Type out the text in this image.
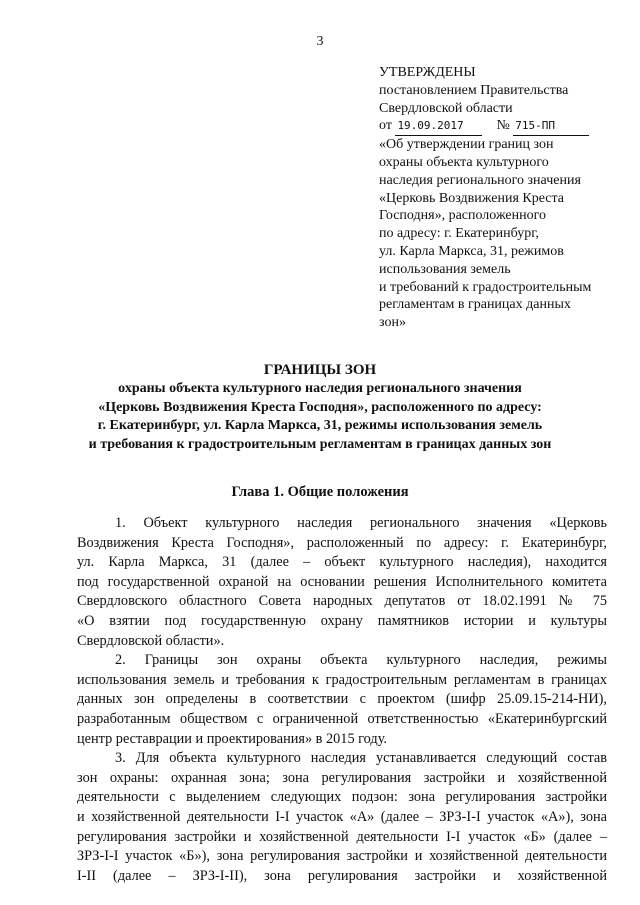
3
УТВЕРЖДЕНЫ
постановлением Правительства
Свердловской области
от 19.09.2017 № 715-ПП
«Об утверждении границ зон
охраны объекта культурного
наследия регионального значения
«Церковь Воздвижения Креста
Господня», расположенного
по адресу: г. Екатеринбург,
ул. Карла Маркса, 31, режимов
использования земель
и требований к градостроительным
регламентам в границах данных
зон»
ГРАНИЦЫ ЗОН
охраны объекта культурного наследия регионального значения
«Церковь Воздвижения Креста Господня», расположенного по адресу:
г. Екатеринбург, ул. Карла Маркса, 31, режимы использования земель
и требования к градостроительным регламентам в границах данных зон
Глава 1. Общие положения
1. Объект культурного наследия регионального значения «Церковь
Воздвижения Креста Господня», расположенный по адресу: г. Екатеринбург,
ул. Карла Маркса, 31 (далее – объект культурного наследия), находится
под государственной охраной на основании решения Исполнительного комитета
Свердловского областного Совета народных депутатов от 18.02.1991 № 75
«О взятии под государственную охрану памятников истории и культуры
Свердловской области».
2. Границы зон охраны объекта культурного наследия, режимы
использования земель и требования к градостроительным регламентам в границах
данных зон определены в соответствии с проектом (шифр 25.09.15-214-НИ),
разработанным обществом с ограниченной ответственностью «Екатеринбургский
центр реставрации и проектирования» в 2015 году.
3. Для объекта культурного наследия устанавливается следующий состав
зон охраны: охранная зона; зона регулирования застройки и хозяйственной
деятельности с выделением следующих подзон: зона регулирования застройки
и хозяйственной деятельности I-I участок «А» (далее – ЗРЗ-I-I участок «А»), зона
регулирования застройки и хозяйственной деятельности I-I участок «Б» (далее –
ЗРЗ-I-I участок «Б»), зона регулирования застройки и хозяйственной деятельности
I-II (далее – ЗРЗ-I-II), зона регулирования застройки и хозяйственной
